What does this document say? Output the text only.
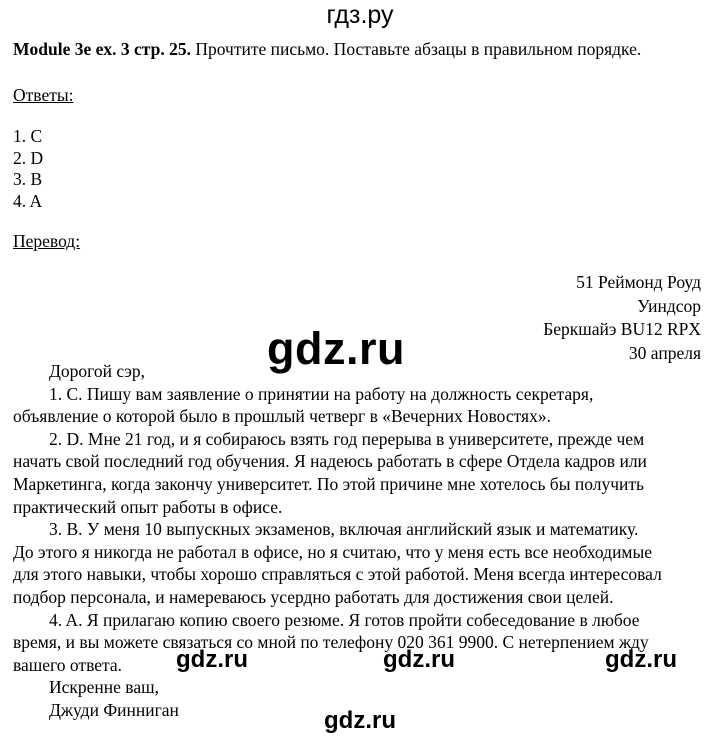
гдз.ру
Module 3e ex. 3 стр. 25. Прочтите письмо. Поставьте абзацы в правильном порядке.
Ответы:
1. C
2. D
3. B
4. A
Перевод:
51 Реймонд Роуд
Уиндсор
Беркшайэ BU12 RPX
30 апреля
gdz.ru
Дорогой сэр,
1. C. Пишу вам заявление о принятии на работу на должность секретаря,
объявление о которой было в прошлый четверг в «Вечерних Новостях».
2. D. Мне 21 год, и я собираюсь взять год перерыва в университете, прежде чем
начать свой последний год обучения. Я надеюсь работать в сфере Отдела кадров или
Маркетинга, когда закончу университет. По этой причине мне хотелось бы получить
практический опыт работы в офисе.
3. B. У меня 10 выпускных экзаменов, включая английский язык и математику.
До этого я никогда не работал в офисе, но я считаю, что у меня есть все необходимые
для этого навыки, чтобы хорошо справляться с этой работой. Меня всегда интересовал
подбор персонала, и намереваюсь усердно работать для достижения свои целей.
4. A. Я прилагаю копию своего резюме. Я готов пройти собеседование в любое
время, и вы можете связаться со мной по телефону 020 361 9900. С нетерпением жду
вашего ответа.
Искренне ваш,
Джуди Финниган
gdz.ru	gdz.ru	gdz.ru
gdz.ru
